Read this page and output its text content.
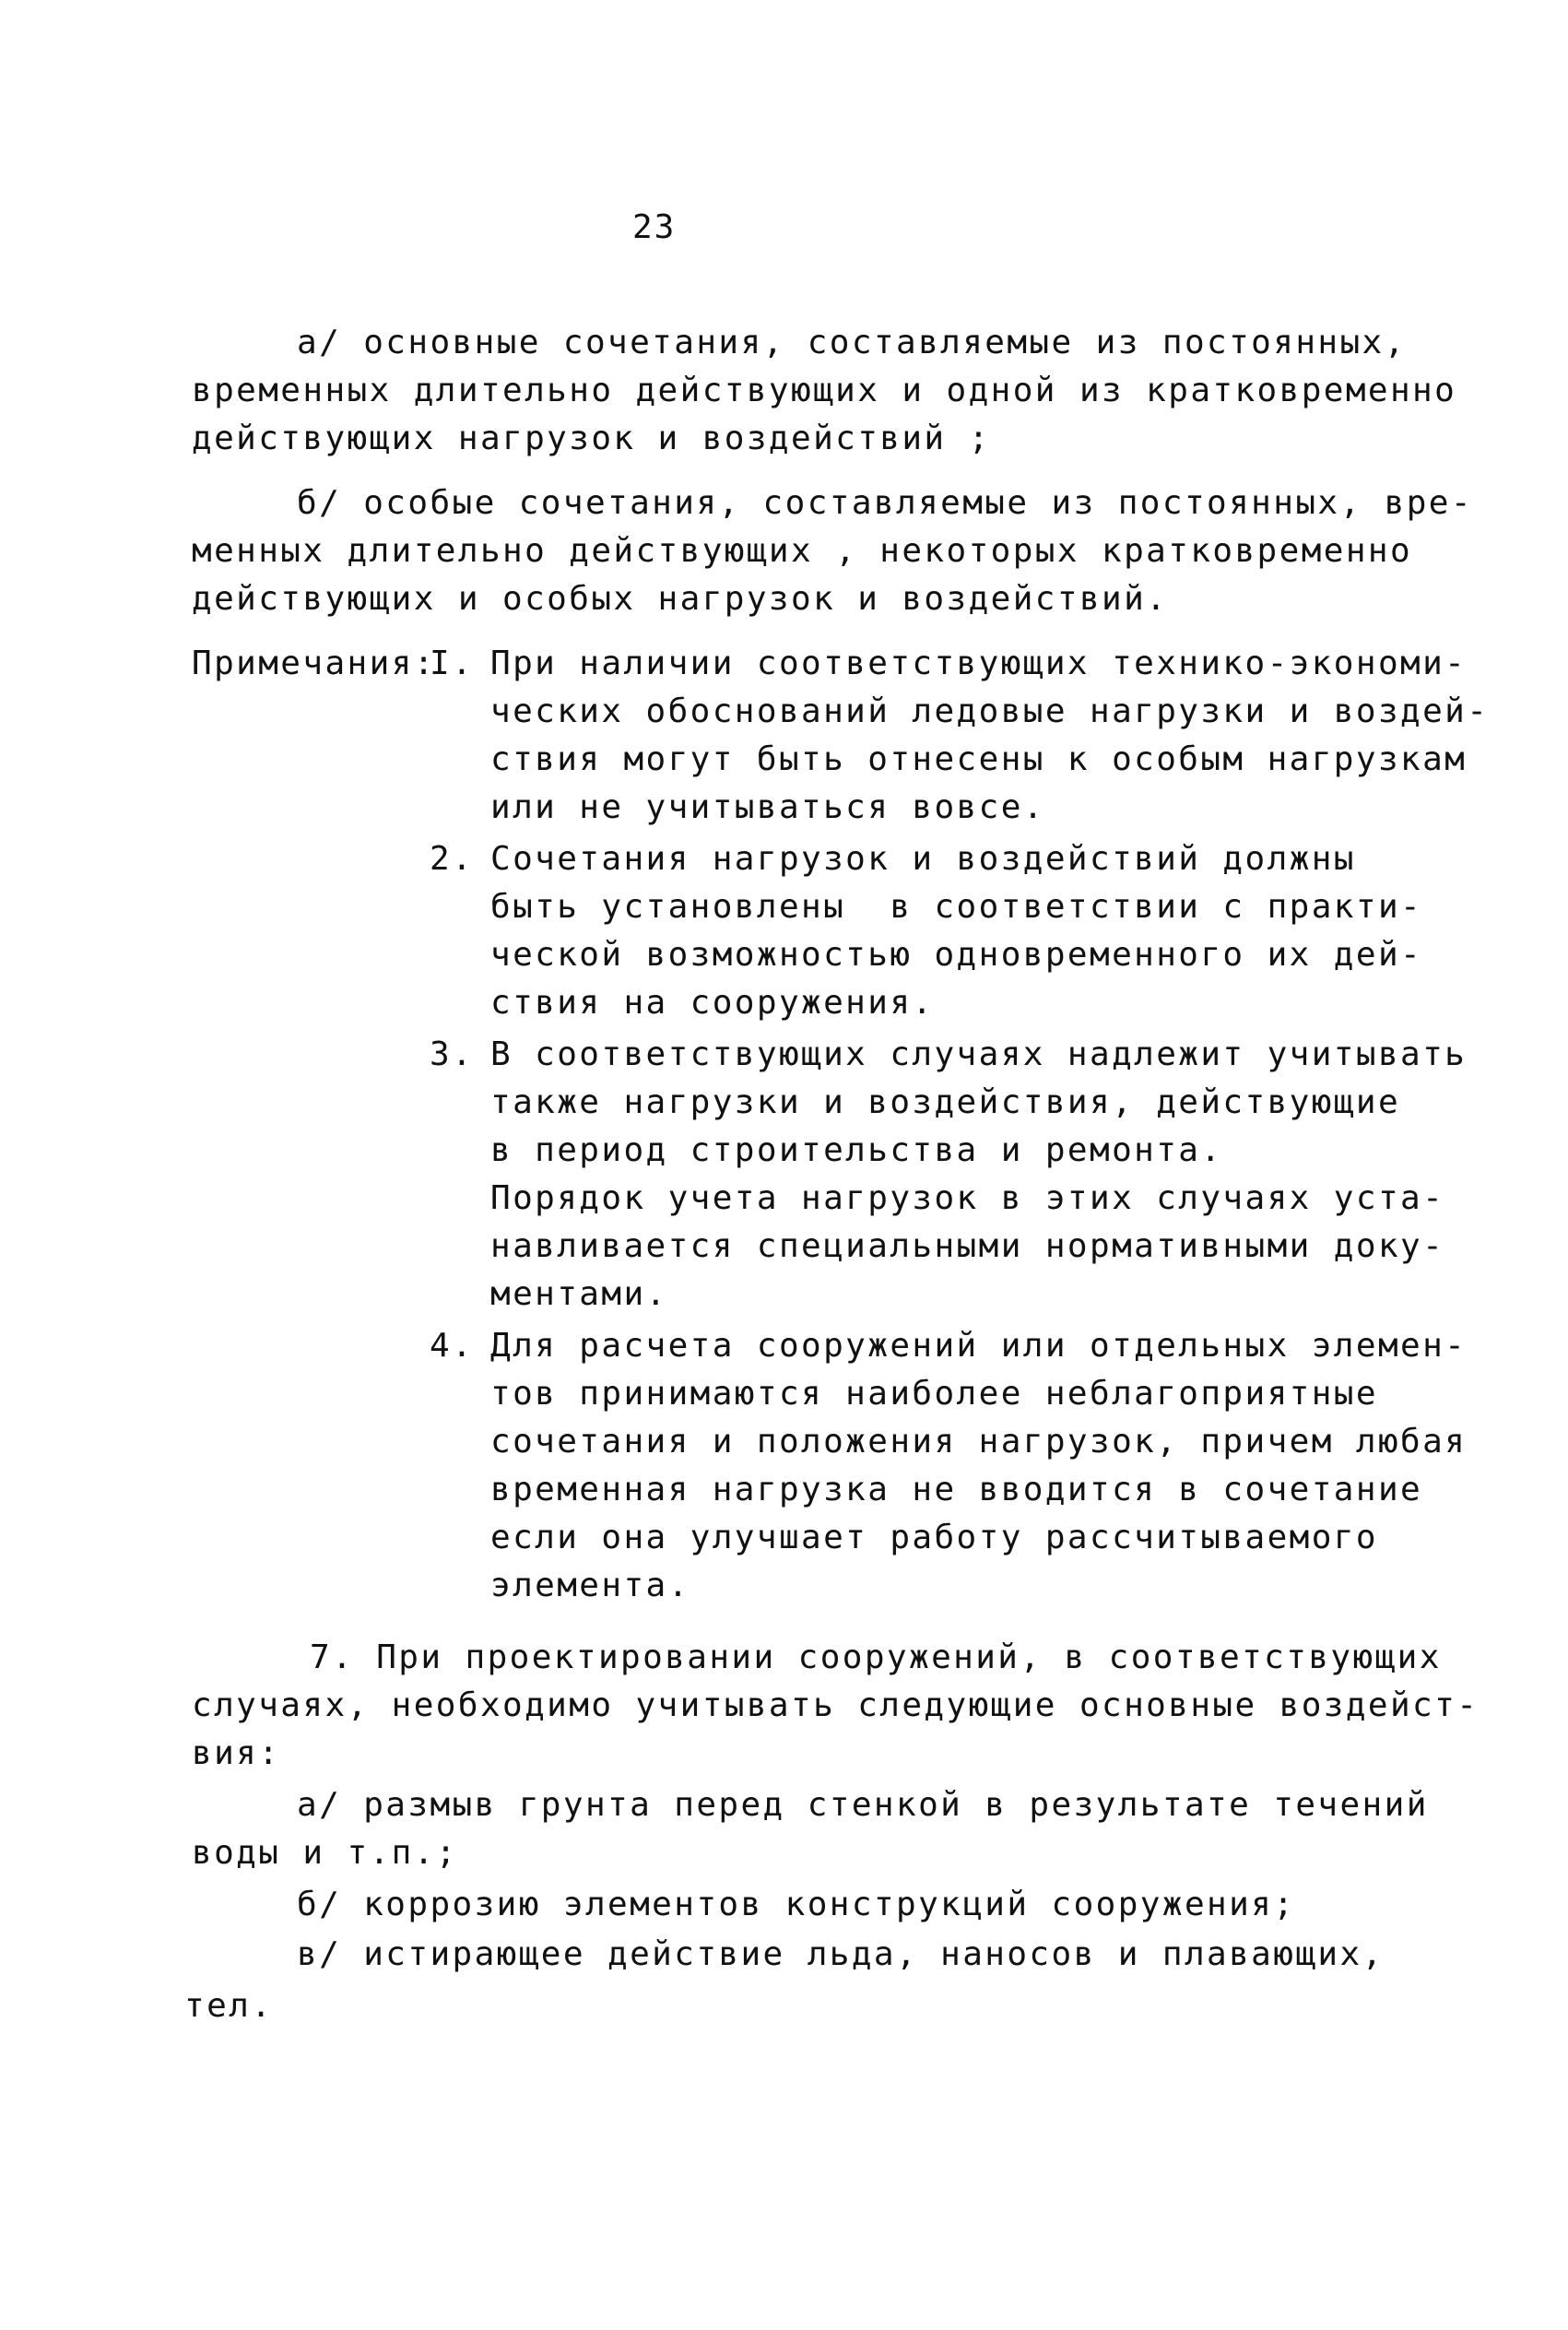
23
а/ основные сочетания, составляемые из постоянных,
временных длительно действующих и одной из кратковременно
действующих нагрузок и воздействий ;
б/ особые сочетания, составляемые из постоянных, вре-
менных длительно действующих , некоторых кратковременно
действующих и особых нагрузок и воздействий.
Примечания:
I. При наличии соответствующих технико-экономи-
ческих обоснований ледовые нагрузки и воздей-
ствия могут быть отнесены к особым нагрузкам
или не учитываться вовсе.
2. Сочетания нагрузок и воздействий должны
быть установлены  в соответствии с практи-
ческой возможностью одновременного их дей-
ствия на сооружения.
3. В соответствующих случаях надлежит учитывать
также нагрузки и воздействия, действующие
в период строительства и ремонта.
Порядок учета нагрузок в этих случаях уста-
навливается специальными нормативными доку-
ментами.
4. Для расчета сооружений или отдельных элемен-
тов принимаются наиболее неблагоприятные
сочетания и положения нагрузок, причем любая
временная нагрузка не вводится в сочетание
если она улучшает работу рассчитываемого
элемента.
7. При проектировании сооружений, в соответствующих
случаях, необходимо учитывать следующие основные воздейст-
вия:
а/ размыв грунта перед стенкой в результате течений
воды и т.п.;
б/ коррозию элементов конструкций сооружения;
в/ истирающее действие льда, наносов и плавающих,
тел.
